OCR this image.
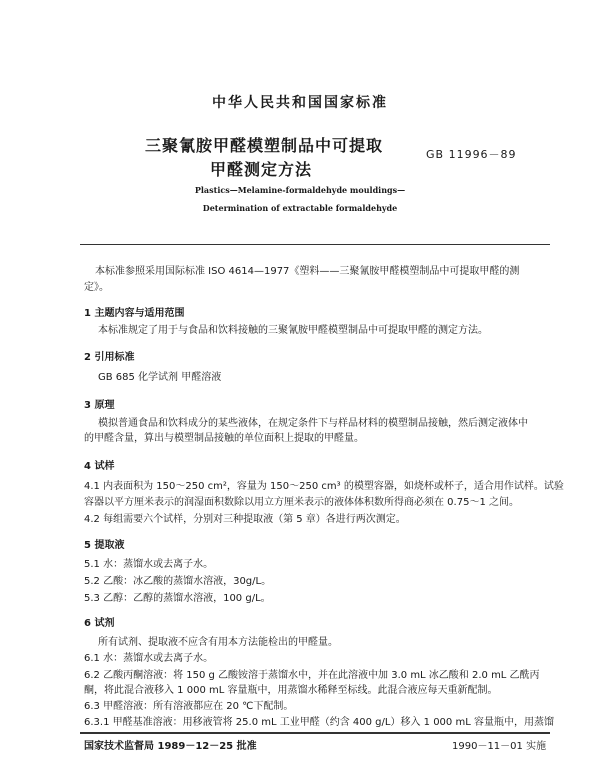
中华人民共和国国家标准
三聚氰胺甲醛模塑制品中可提取
甲醛测定方法
GB 11996－89
Plastics—Melamine-formaldehyde mouldings—
Determination of extractable formaldehyde
本标准参照采用国际标准 ISO 4614—1977《塑料——三聚氰胺甲醛模塑制品中可提取甲醛的测
定》。
1 主题内容与适用范围
本标准规定了用于与食品和饮料接触的三聚氰胺甲醛模塑制品中可提取甲醛的测定方法。
2 引用标准
GB 685 化学试剂 甲醛溶液
3 原理
模拟普通食品和饮料成分的某些液体，在规定条件下与样品材料的模塑制品接触，然后测定液体中
的甲醛含量，算出与模塑制品接触的单位面积上提取的甲醛量。
4 试样
4.1 内表面积为 150～250 cm²，容量为 150～250 cm³ 的模塑容器，如烧杯或杯子，适合用作试样。试验
容器以平方厘米表示的润湿面积数除以用立方厘米表示的液体体积数所得商必须在 0.75～1 之间。
4.2 每组需要六个试样，分别对三种提取液（第 5 章）各进行两次测定。
5 提取液
5.1 水：蒸馏水或去离子水。
5.2 乙酸：冰乙酸的蒸馏水溶液，30g/L。
5.3 乙醇：乙醇的蒸馏水溶液，100 g/L。
6 试剂
所有试剂、提取液不应含有用本方法能检出的甲醛量。
6.1 水：蒸馏水或去离子水。
6.2 乙酸丙酮溶液：将 150 g 乙酸铵溶于蒸馏水中，并在此溶液中加 3.0 mL 冰乙酸和 2.0 mL 乙酰丙
酮，将此混合液移入 1 000 mL 容量瓶中，用蒸馏水稀释至标线。此混合液应每天重新配制。
6.3 甲醛溶液：所有溶液都应在 20 ℃下配制。
6.3.1 甲醛基准溶液：用移液管将 25.0 mL 工业甲醛（约含 400 g/L）移入 1 000 mL 容量瓶中，用蒸馏
国家技术监督局 1989－12－25 批准	1990－11－01 实施
